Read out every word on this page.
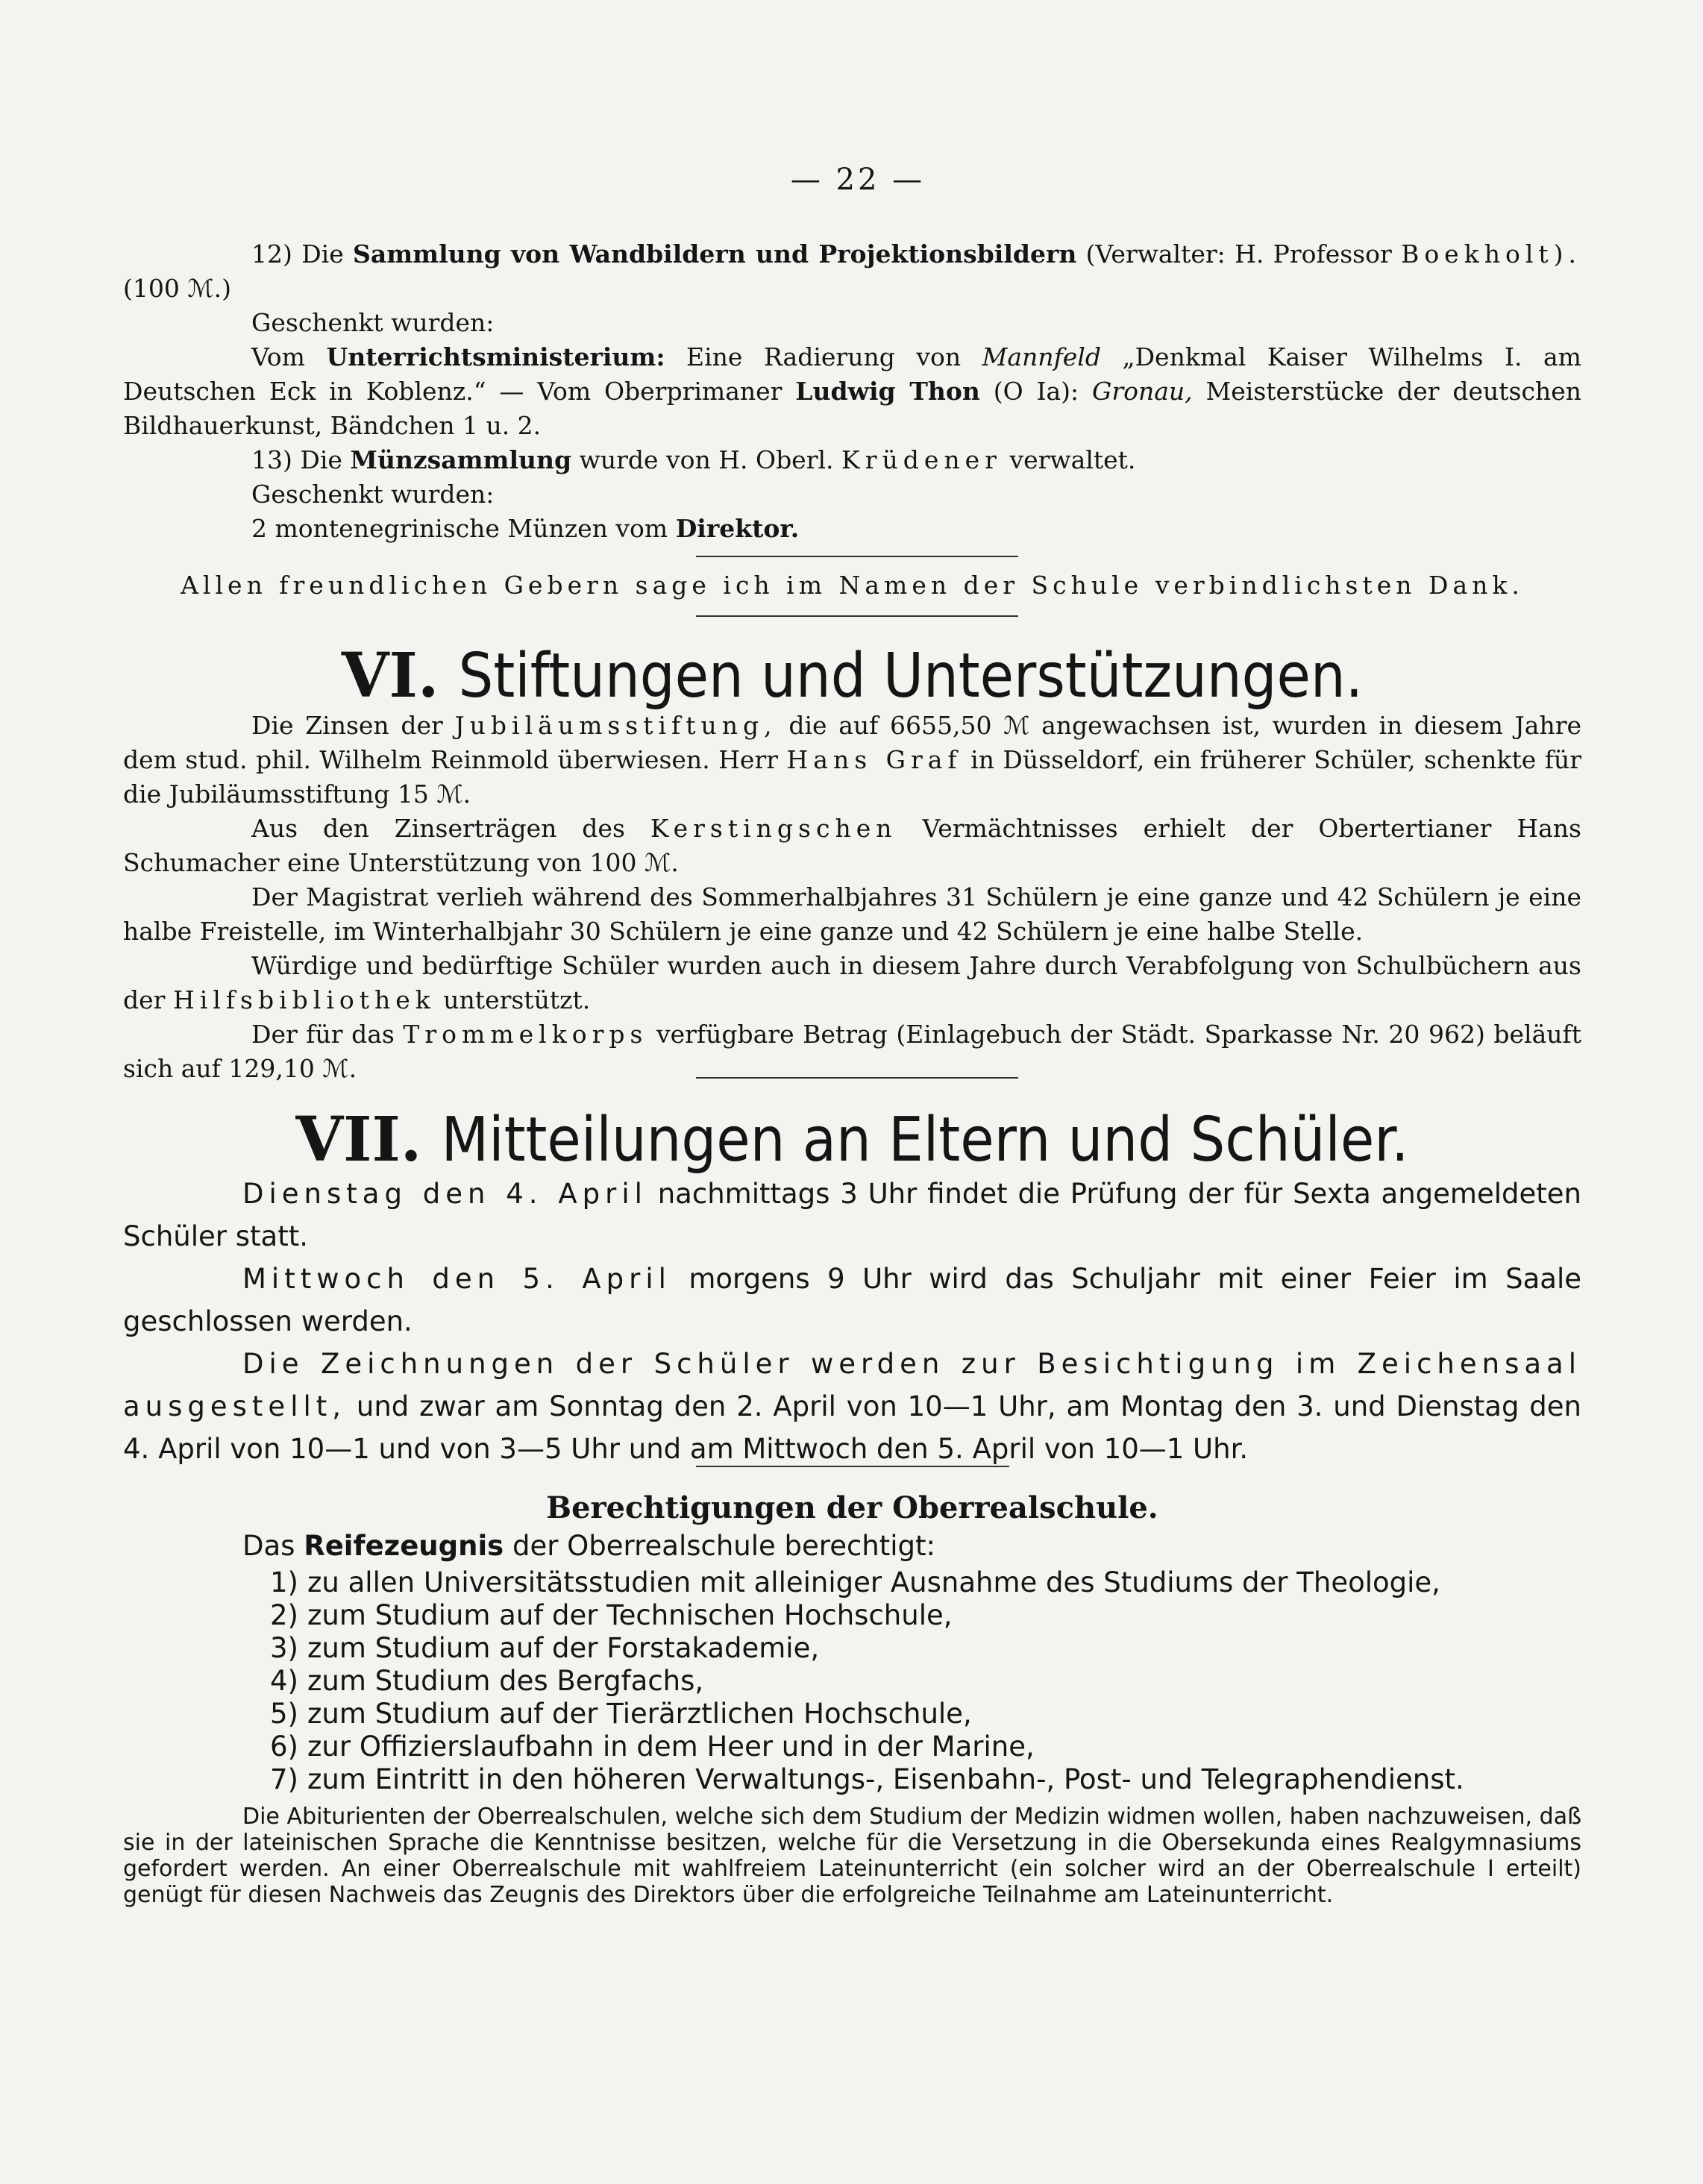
— 22 —

12) Die Sammlung von Wandbildern und Projektionsbildern (Verwalter: H. Professor Boekholt). (100 ℳ.)

Geschenkt wurden:

Vom Unterrichtsministerium: Eine Radierung von Mannfeld „Denkmal Kaiser Wilhelms I. am Deutschen Eck in Koblenz.“ — Vom Oberprimaner Ludwig Thon (O Ia): Gronau, Meisterstücke der deutschen Bildhauerkunst, Bändchen 1 u. 2.

13) Die Münzsammlung wurde von H. Oberl. Krüdener verwaltet.

Geschenkt wurden:

2 montenegrinische Münzen vom Direktor.

Allen freundlichen Gebern sage ich im Namen der Schule verbindlichsten Dank.
VI. Stiftungen und Unterstützungen.

Die Zinsen der Jubiläumsstiftung, die auf 6655,50 ℳ angewachsen ist, wurden in diesem Jahre dem stud. phil. Wilhelm Reinmold überwiesen. Herr Hans Graf in Düsseldorf, ein früherer Schüler, schenkte für die Jubiläumsstiftung 15 ℳ.

Aus den Zinserträgen des Kerstingschen Vermächtnisses erhielt der Obertertianer Hans Schumacher eine Unterstützung von 100 ℳ.

Der Magistrat verlieh während des Sommerhalbjahres 31 Schülern je eine ganze und 42 Schülern je eine halbe Freistelle, im Winterhalbjahr 30 Schülern je eine ganze und 42 Schülern je eine halbe Stelle.

Würdige und bedürftige Schüler wurden auch in diesem Jahre durch Verabfolgung von Schulbüchern aus der Hilfsbibliothek unterstützt.

Der für das Trommelkorps verfügbare Betrag (Einlagebuch der Städt. Sparkasse Nr. 20 962) beläuft sich auf 129,10 ℳ.

VII. Mitteilungen an Eltern und Schüler.

Dienstag den 4. April nachmittags 3 Uhr findet die Prüfung der für Sexta angemeldeten Schüler statt.

Mittwoch den 5. April morgens 9 Uhr wird das Schuljahr mit einer Feier im Saale geschlossen werden.

Die Zeichnungen der Schüler werden zur Besichtigung im Zeichensaal ausgestellt, und zwar am Sonntag den 2. April von 10—1 Uhr, am Montag den 3. und Dienstag den 4. April von 10—1 und von 3—5 Uhr und am Mittwoch den 5. April von 10—1 Uhr.

Berechtigungen der Oberrealschule.

Das Reifezeugnis der Oberrealschule berechtigt:

1) zu allen Universitätsstudien mit alleiniger Ausnahme des Studiums der Theologie,
2) zum Studium auf der Technischen Hochschule,
3) zum Studium auf der Forstakademie,
4) zum Studium des Bergfachs,
5) zum Studium auf der Tierärztlichen Hochschule,
6) zur Offizierslaufbahn in dem Heer und in der Marine,
7) zum Eintritt in den höheren Verwaltungs-, Eisenbahn-, Post- und Telegraphendienst.
Die Abiturienten der Oberrealschulen, welche sich dem Studium der Medizin widmen wollen, haben nachzuweisen, daß sie in der lateinischen Sprache die Kenntnisse besitzen, welche für die Versetzung in die Obersekunda eines Realgymnasiums gefordert werden. An einer Oberrealschule mit wahlfreiem Lateinunterricht (ein solcher wird an der Oberrealschule I erteilt) genügt für diesen Nachweis das Zeugnis des Direktors über die erfolgreiche Teilnahme am Lateinunterricht.
